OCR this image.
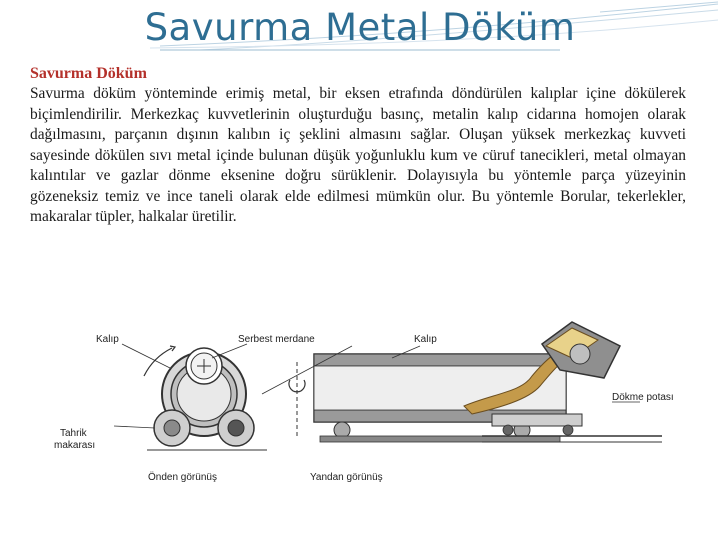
Savurma Metal Döküm
Savurma Döküm
Savurma döküm yönteminde erimiş metal, bir eksen etrafında döndürülen kalıplar içine dökülerek biçimlendirilir. Merkezkaç kuvvetlerinin oluşturduğu basınç, metalin kalıp cidarına homojen olarak dağılmasını, parçanın dışının kalıbın iç şeklini almasını sağlar. Oluşan yüksek merkezkaç kuvveti sayesinde dökülen sıvı metal içinde bulunan düşük yoğunluklu kum ve cüruf tanecikleri, metal olmayan kalıntılar ve gazlar dönme eksenine doğru sürüklenir. Dolayısıyla bu yöntemle parça yüzeyinin gözeneksiz temiz ve ince taneli olarak elde edilmesi mümkün olur. Bu yöntemle Borular, tekerlekler, makaralar tüpler, halkalar üretilir.
Kalıp	Serbest merdane	Kalıp
Dökme potası
Tahrik
makarası
Önden görünüş	Yandan görünüş
